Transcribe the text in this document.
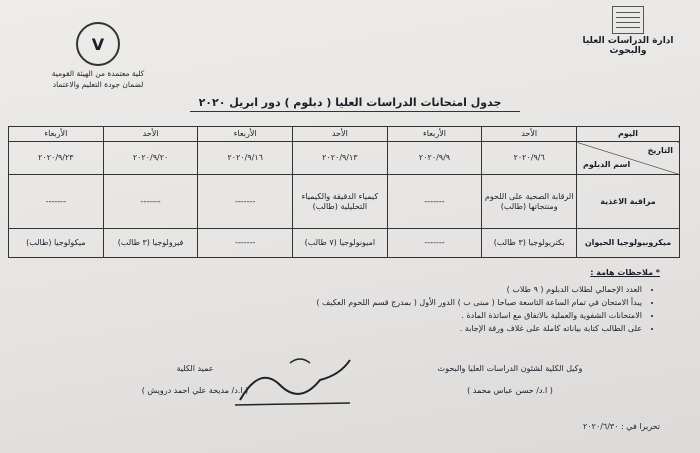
ادارة الدراسات العليا والبحوث
V
كلية معتمدة من الهيئة القومية
لضمان جودة التعليم والاعتماد
جدول امتحانات الدراسات العليا ( دبلوم ) دور ابريل ٢٠٢٠
اليوم	الأحد	الأربعاء	الأحد	الأربعاء	الأحد	الأربعاء

التاريخ
اسم الدبلوم	٢٠٢٠/٩/٦	٢٠٢٠/٩/٩	٢٠٢٠/٩/١٣	٢٠٢٠/٩/١٦	٢٠٢٠/٩/٢٠	٢٠٢٠/٩/٢٣
مراقبة الاغذية	الرقابة الصحية على اللحوم ومنتجاتها (طالب)	-------	كيمياء الدقيقة والكيمياء التحليلية (طالب)	-------	-------	-------
ميكروبيولوجيا الحيوان	بكتريولوجيا (٣ طالب)	-------	اميونولوجيا (٧ طالب)	-------	فيرولوجيا (٣ طالب)	ميكولوجيا (طالب)
* ملاحظات هامة :
• العدد الإجمالي لطلاب الدبلوم ( ٩ طلاب )
• يبدأ الامتحان في تمام الساعة التاسعة صباحا ( مبنى ب ) الدور الأول ( بمدرج قسم اللحوم العكيف )
• الامتحانات الشفوية والعملية بالاتفاق مع اساتذة المادة .
• على الطالب كتابة بياناته كاملة على غلاف ورقة الإجابة .
وكيل الكلية لشئون الدراسات العليا والبحوث
( ا.د/ حسن عباس محمد )
عميد الكلية
( ا.د/ مديحة علي احمد درويش )
تحريرا في : ٢٠٢٠/٦/٣٠
